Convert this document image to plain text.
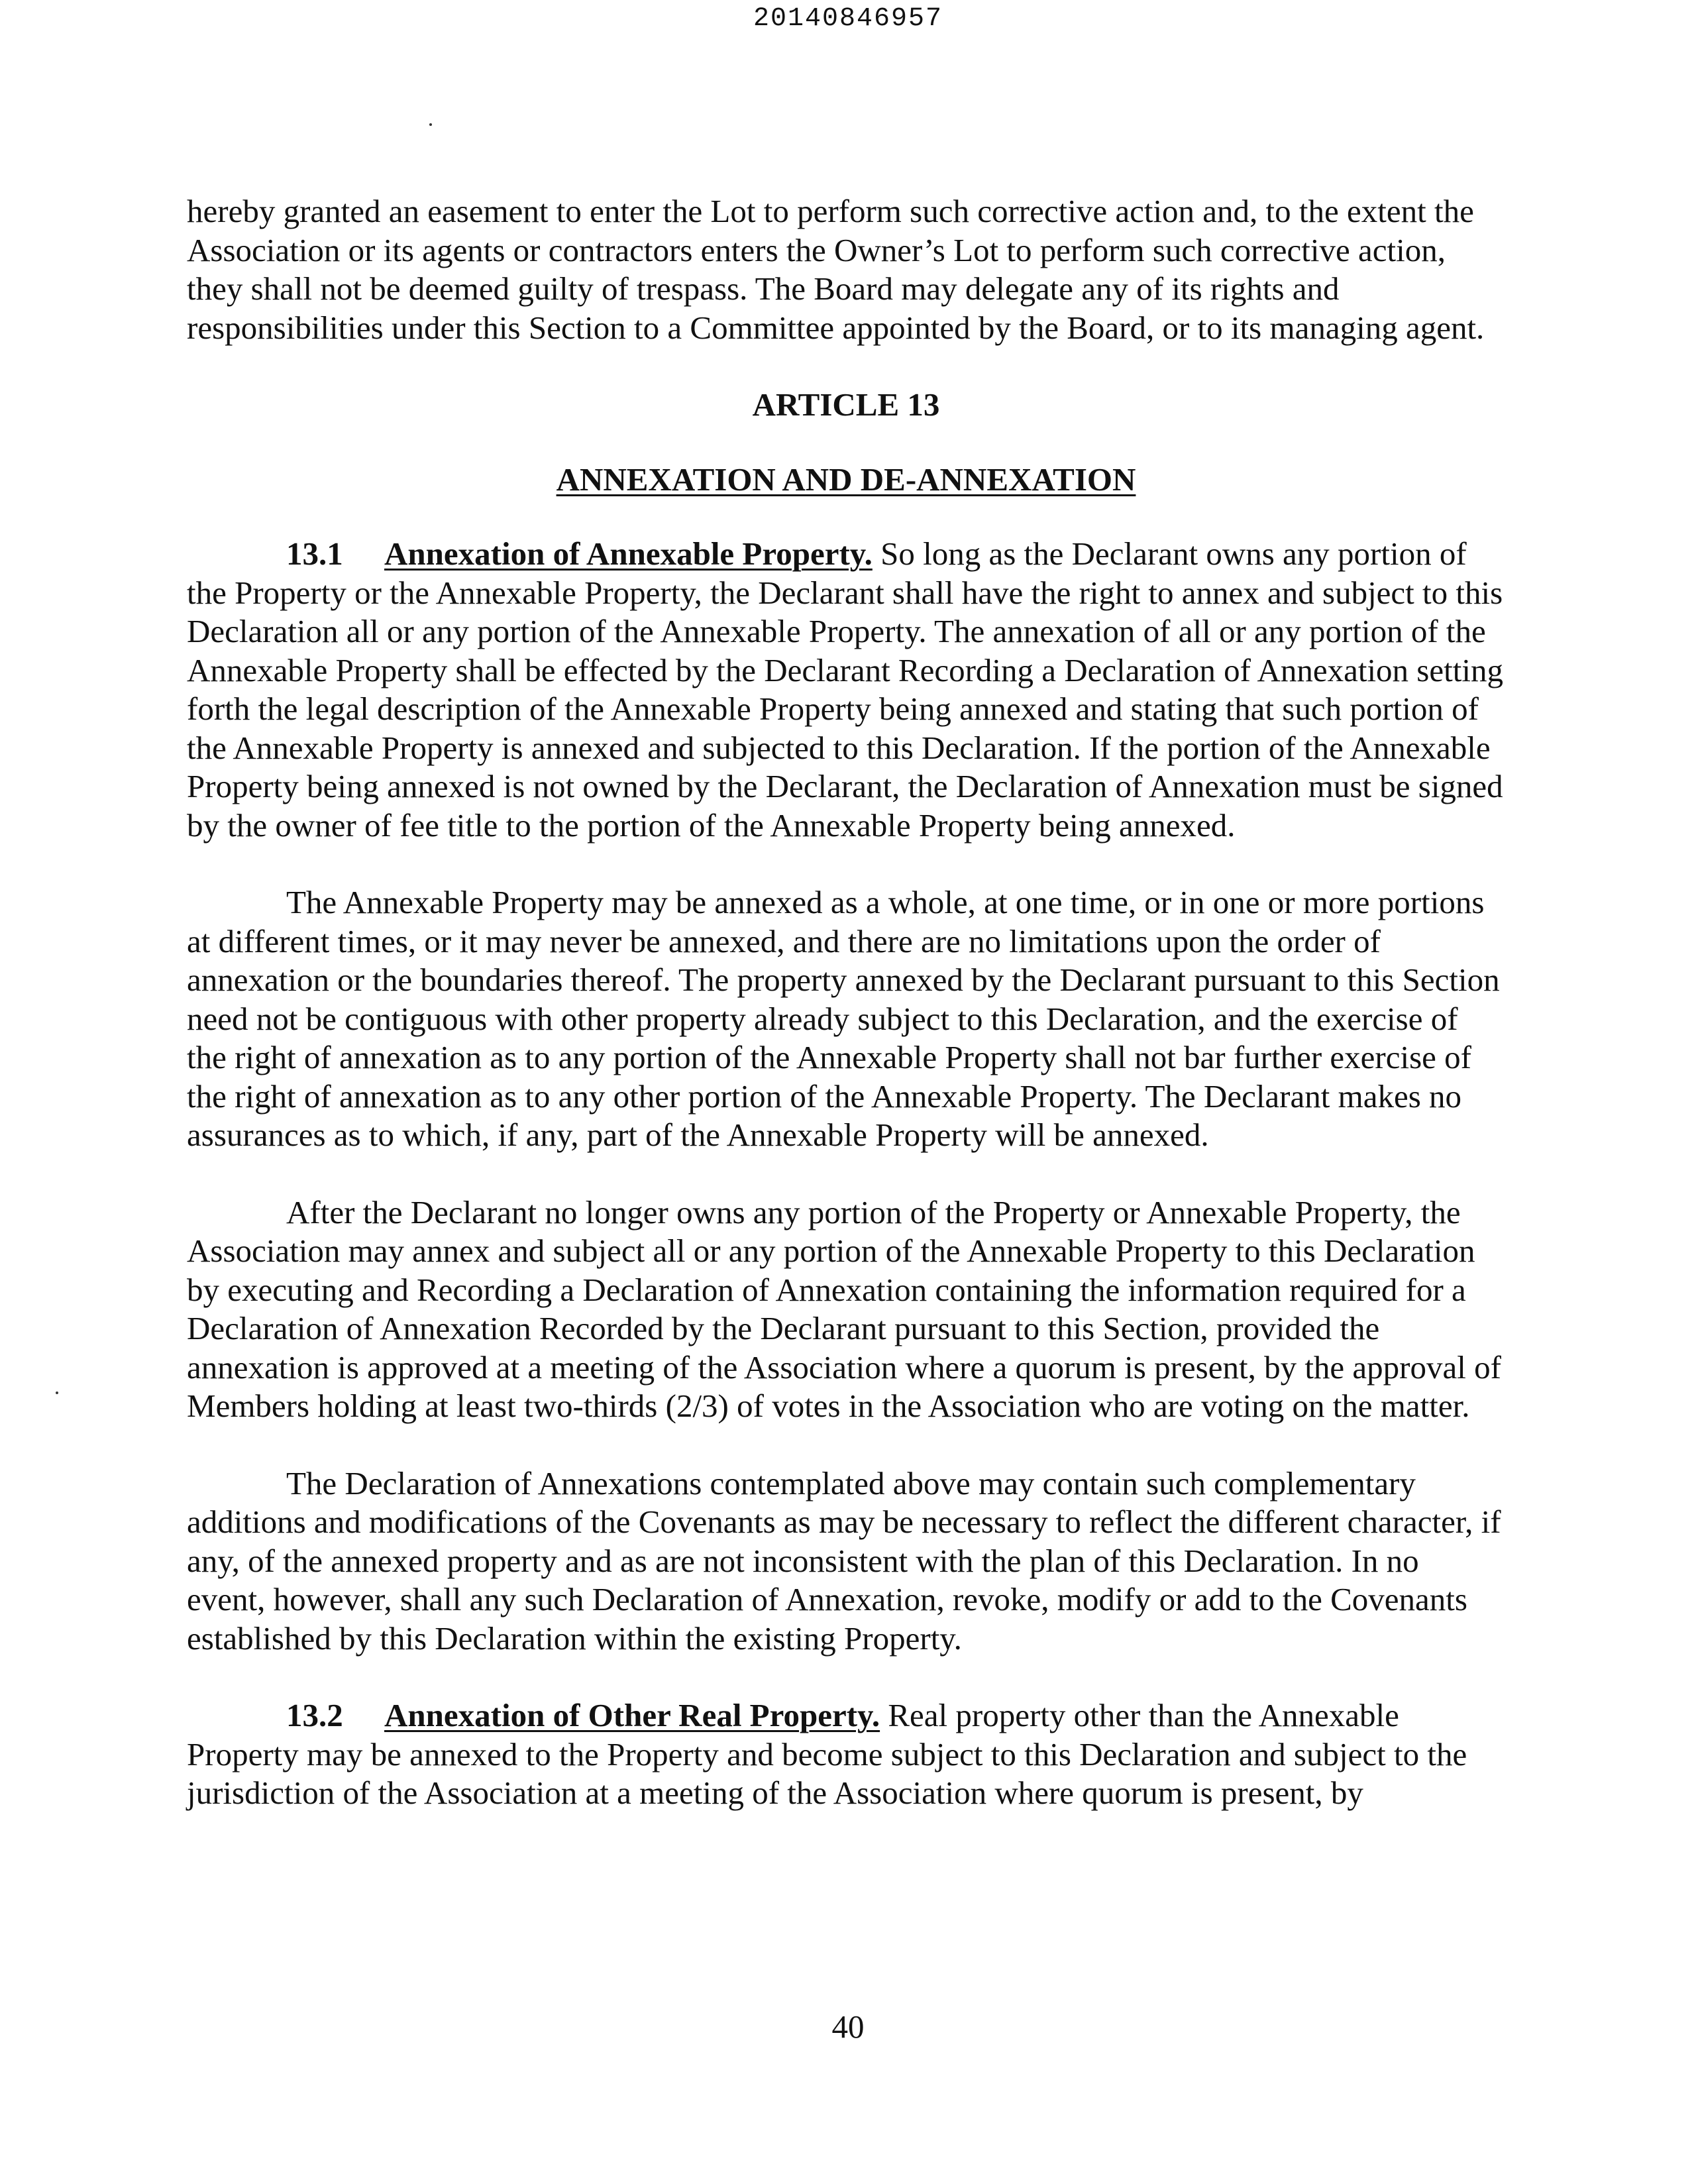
20140846957

hereby granted an easement to enter the Lot to perform such corrective action and, to the extent the Association or its agents or contractors enters the Owner’s Lot to perform such corrective action, they shall not be deemed guilty of trespass. The Board may delegate any of its rights and responsibilities under this Section to a Committee appointed by the Board, or to its managing agent.

ARTICLE 13
ANNEXATION AND DE-ANNEXATION

13.1 Annexation of Annexable Property. So long as the Declarant owns any portion of the Property or the Annexable Property, the Declarant shall have the right to annex and subject to this Declaration all or any portion of the Annexable Property. The annexation of all or any portion of the Annexable Property shall be effected by the Declarant Recording a Declaration of Annexation setting forth the legal description of the Annexable Property being annexed and stating that such portion of the Annexable Property is annexed and subjected to this Declaration. If the portion of the Annexable Property being annexed is not owned by the Declarant, the Declaration of Annexation must be signed by the owner of fee title to the portion of the Annexable Property being annexed.

The Annexable Property may be annexed as a whole, at one time, or in one or more portions at different times, or it may never be annexed, and there are no limitations upon the order of annexation or the boundaries thereof. The property annexed by the Declarant pursuant to this Section need not be contiguous with other property already subject to this Declaration, and the exercise of the right of annexation as to any portion of the Annexable Property shall not bar further exercise of the right of annexation as to any other portion of the Annexable Property. The Declarant makes no assurances as to which, if any, part of the Annexable Property will be annexed.

After the Declarant no longer owns any portion of the Property or Annexable Property, the Association may annex and subject all or any portion of the Annexable Property to this Declaration by executing and Recording a Declaration of Annexation containing the information required for a Declaration of Annexation Recorded by the Declarant pursuant to this Section, provided the annexation is approved at a meeting of the Association where a quorum is present, by the approval of Members holding at least two-thirds (2/3) of votes in the Association who are voting on the matter.

The Declaration of Annexations contemplated above may contain such complementary additions and modifications of the Covenants as may be necessary to reflect the different character, if any, of the annexed property and as are not inconsistent with the plan of this Declaration. In no event, however, shall any such Declaration of Annexation, revoke, modify or add to the Covenants established by this Declaration within the existing Property.

13.2 Annexation of Other Real Property. Real property other than the Annexable Property may be annexed to the Property and become subject to this Declaration and subject to the jurisdiction of the Association at a meeting of the Association where quorum is present, by

40
